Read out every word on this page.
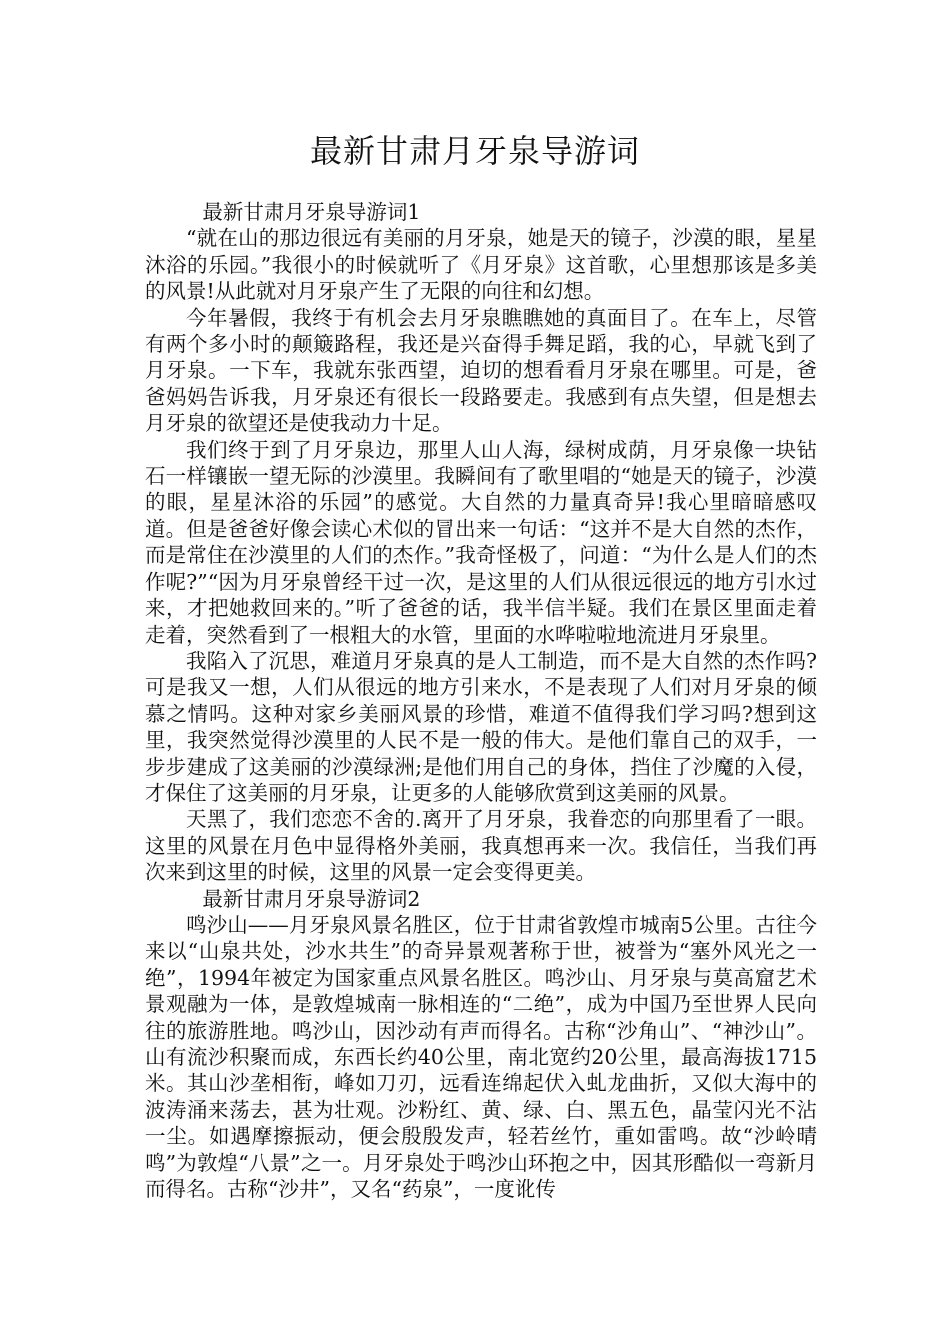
最新甘肃月牙泉导游词

最新甘肃月牙泉导游词1

“就在山的那边很远有美丽的月牙泉，她是天的镜子，沙漠的眼，星星沐浴的乐园。”我很小的时候就听了《月牙泉》这首歌，心里想那该是多美的风景!从此就对月牙泉产生了无限的向往和幻想。

今年暑假，我终于有机会去月牙泉瞧瞧她的真面目了。在车上，尽管有两个多小时的颠簸路程，我还是兴奋得手舞足蹈，我的心，早就飞到了月牙泉。一下车，我就东张西望，迫切的想看看月牙泉在哪里。可是，爸爸妈妈告诉我，月牙泉还有很长一段路要走。我感到有点失望，但是想去月牙泉的欲望还是使我动力十足。

我们终于到了月牙泉边，那里人山人海，绿树成荫，月牙泉像一块钻石一样镶嵌一望无际的沙漠里。我瞬间有了歌里唱的“她是天的镜子，沙漠的眼，星星沐浴的乐园”的感觉。大自然的力量真奇异!我心里暗暗感叹道。但是爸爸好像会读心术似的冒出来一句话：“这并不是大自然的杰作，而是常住在沙漠里的人们的杰作。”我奇怪极了，问道：“为什么是人们的杰作呢?”“因为月牙泉曾经干过一次，是这里的人们从很远很远的地方引水过来，才把她救回来的。”听了爸爸的话，我半信半疑。我们在景区里面走着走着，突然看到了一根粗大的水管，里面的水哗啦啦地流进月牙泉里。

我陷入了沉思，难道月牙泉真的是人工制造，而不是大自然的杰作吗?可是我又一想，人们从很远的地方引来水，不是表现了人们对月牙泉的倾慕之情吗。这种对家乡美丽风景的珍惜，难道不值得我们学习吗?想到这里，我突然觉得沙漠里的人民不是一般的伟大。是他们靠自己的双手，一步步建成了这美丽的沙漠绿洲;是他们用自己的身体，挡住了沙魔的入侵，才保住了这美丽的月牙泉，让更多的人能够欣赏到这美丽的风景。

天黑了，我们恋恋不舍的.离开了月牙泉，我眷恋的向那里看了一眼。这里的风景在月色中显得格外美丽，我真想再来一次。我信任，当我们再次来到这里的时候，这里的风景一定会变得更美。

最新甘肃月牙泉导游词2

鸣沙山——月牙泉风景名胜区，位于甘肃省敦煌市城南5公里。古往今来以“山泉共处，沙水共生”的奇异景观著称于世，被誉为“塞外风光之一绝”，1994年被定为国家重点风景名胜区。鸣沙山、月牙泉与莫高窟艺术景观融为一体，是敦煌城南一脉相连的“二绝”，成为中国乃至世界人民向往的旅游胜地。鸣沙山，因沙动有声而得名。古称“沙角山”、“神沙山”。山有流沙积聚而成，东西长约40公里，南北宽约20公里，最高海拔1715米。其山沙垄相衔，峰如刀刃，远看连绵起伏入虬龙曲折，又似大海中的波涛涌来荡去，甚为壮观。沙粉红、黄、绿、白、黑五色，晶莹闪光不沾一尘。如遇摩擦振动，便会殷殷发声，轻若丝竹，重如雷鸣。故“沙岭晴鸣”为敦煌“八景”之一。月牙泉处于鸣沙山环抱之中，因其形酷似一弯新月而得名。古称“沙井”，又名“药泉”，一度讹传
